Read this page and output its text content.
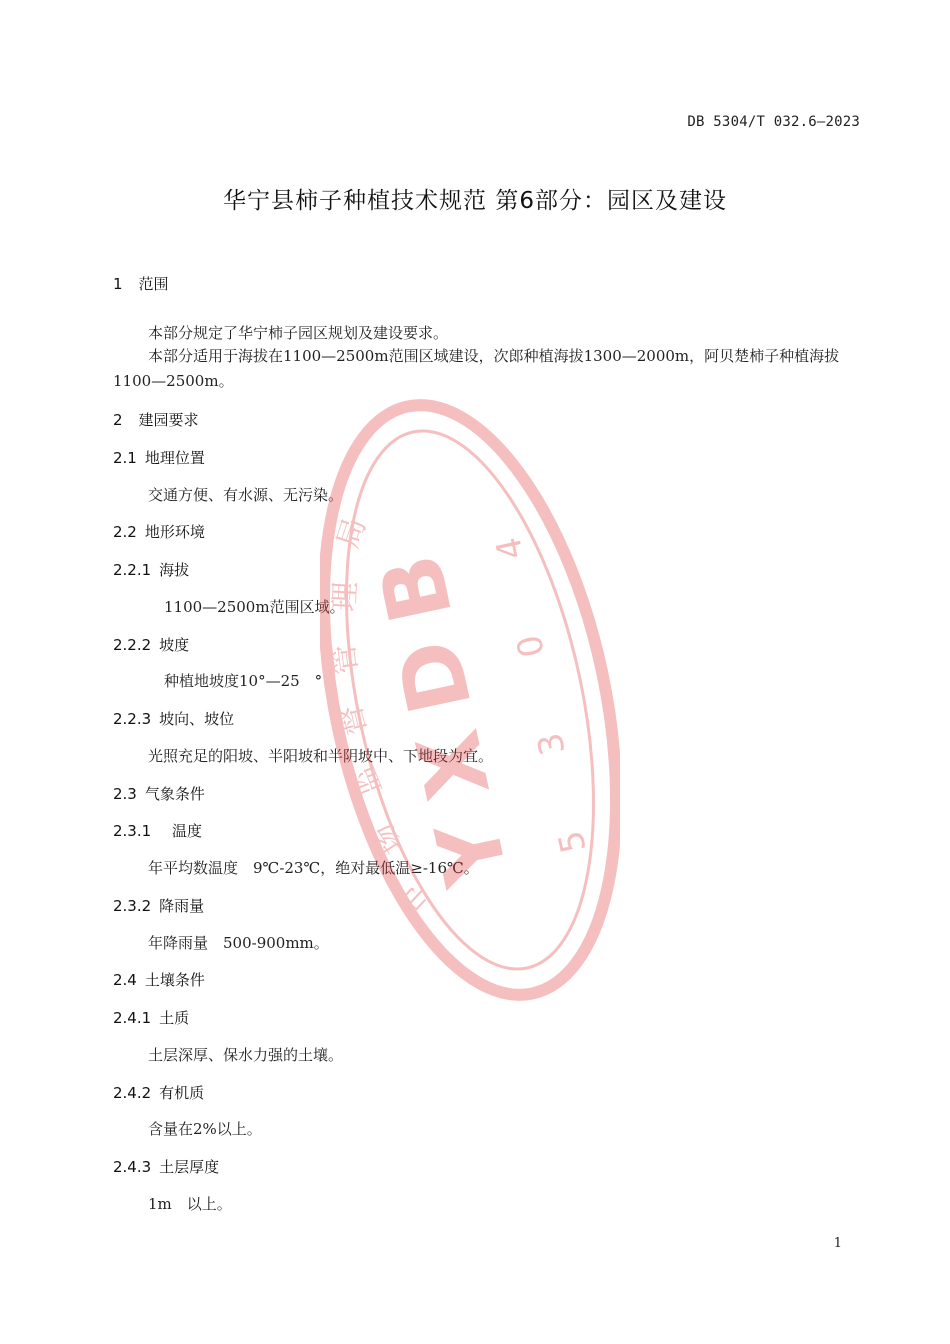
DB 5304/T 032.6—2023
华宁县柿子种植技术规范 第6部分：园区及建设
1 范围
本部分规定了华宁柿子园区规划及建设要求。
本部分适用于海拔在1100—2500m范围区域建设，次郎种植海拔1300—2000m，阿贝楚柿子种植海拔1100—2500m。
2 建园要求
2.1 地理位置
交通方便、有水源、无污染。
2.2 地形环境
2.2.1 海拔
1100—2500m范围区域。
2.2.2 坡度
种植地坡度10°—25　°
2.2.3 坡向、坡位
光照充足的阳坡、半阳坡和半阴坡中、下地段为宜。
2.3 气象条件
2.3.1 温度
年平均数温度　9℃-23℃，绝对最低温≥-16℃。
2.3.2 降雨量
年降雨量　500-900mm。
2.4 土壤条件
2.4.1 土质
土层深厚、保水力强的土壤。
2.4.2 有机质
含量在2%以上。
2.4.3 土层厚度
1m　以上。
1
B
D
X
Y
4
0
3
5
局
理
管
督
监
场
市
